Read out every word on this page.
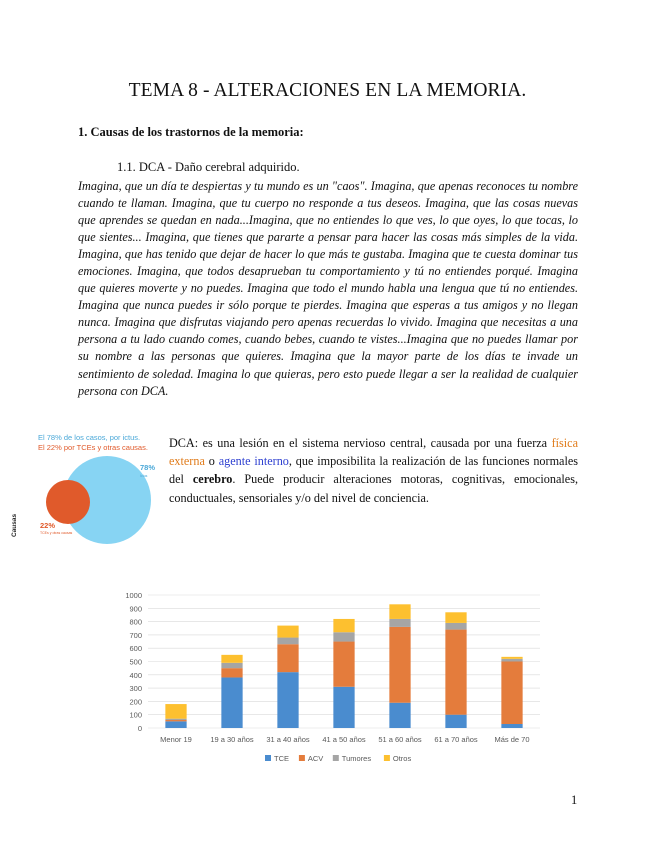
TEMA 8 - ALTERACIONES EN LA MEMORIA.
1. Causas de los trastornos de la memoria:
1.1. DCA - Daño cerebral adquirido.

Imagina, que un día te despiertas y tu mundo es un "caos". Imagina, que apenas reconoces tu nombre cuando te llaman. Imagina, que tu cuerpo no responde a tus deseos. Imagina, que las cosas nuevas que aprendes se quedan en nada...Imagina, que no entiendes lo que ves, lo que oyes, lo que tocas, lo que sientes... Imagina, que tienes que pararte a pensar para hacer las cosas más simples de la vida. Imagina, que has tenido que dejar de hacer lo que más te gustaba. Imagina que te cuesta dominar tus emociones. Imagina, que todos desaprueban tu comportamiento y tú no entiendes porqué. Imagina que quieres moverte y no puedes. Imagina que todo el mundo habla una lengua que tú no entiendes. Imagina que nunca puedes ir sólo porque te pierdes. Imagina que esperas a tus amigos y no llegan nunca. Imagina que disfrutas viajando pero apenas recuerdas lo vivido. Imagina que necesitas a una persona a tu lado cuando comes, cuando bebes, cuando te vistes...Imagina que no puedes llamar por su nombre a las personas que quieres. Imagina que la mayor parte de los días te invade un sentimiento de soledad. Imagina lo que quieras, pero esto puede llegar a ser la realidad de cualquier persona con DCA.

Causas
El 78% de los casos, por ictus.
El 22% por TCEs y otras causas.
78%
Ictus
22%
TCEs y otras causas

DCA: es una lesión en el sistema nervioso central, causada por una fuerza física externa o agente interno, que imposibilita la realización de las funciones normales del cerebro. Puede producir alteraciones motoras, cognitivas, emocionales, conductuales, sensoriales y/o del nivel de conciencia.

0
100
200
300
400
500
600
700
800
900
1000
Menor 19 19 a 30 años 31 a 40 años 41 a 50 años 51 a 60 años 61 a 70 años Más de 70
TCE	ACV Tumores	Otros
1
